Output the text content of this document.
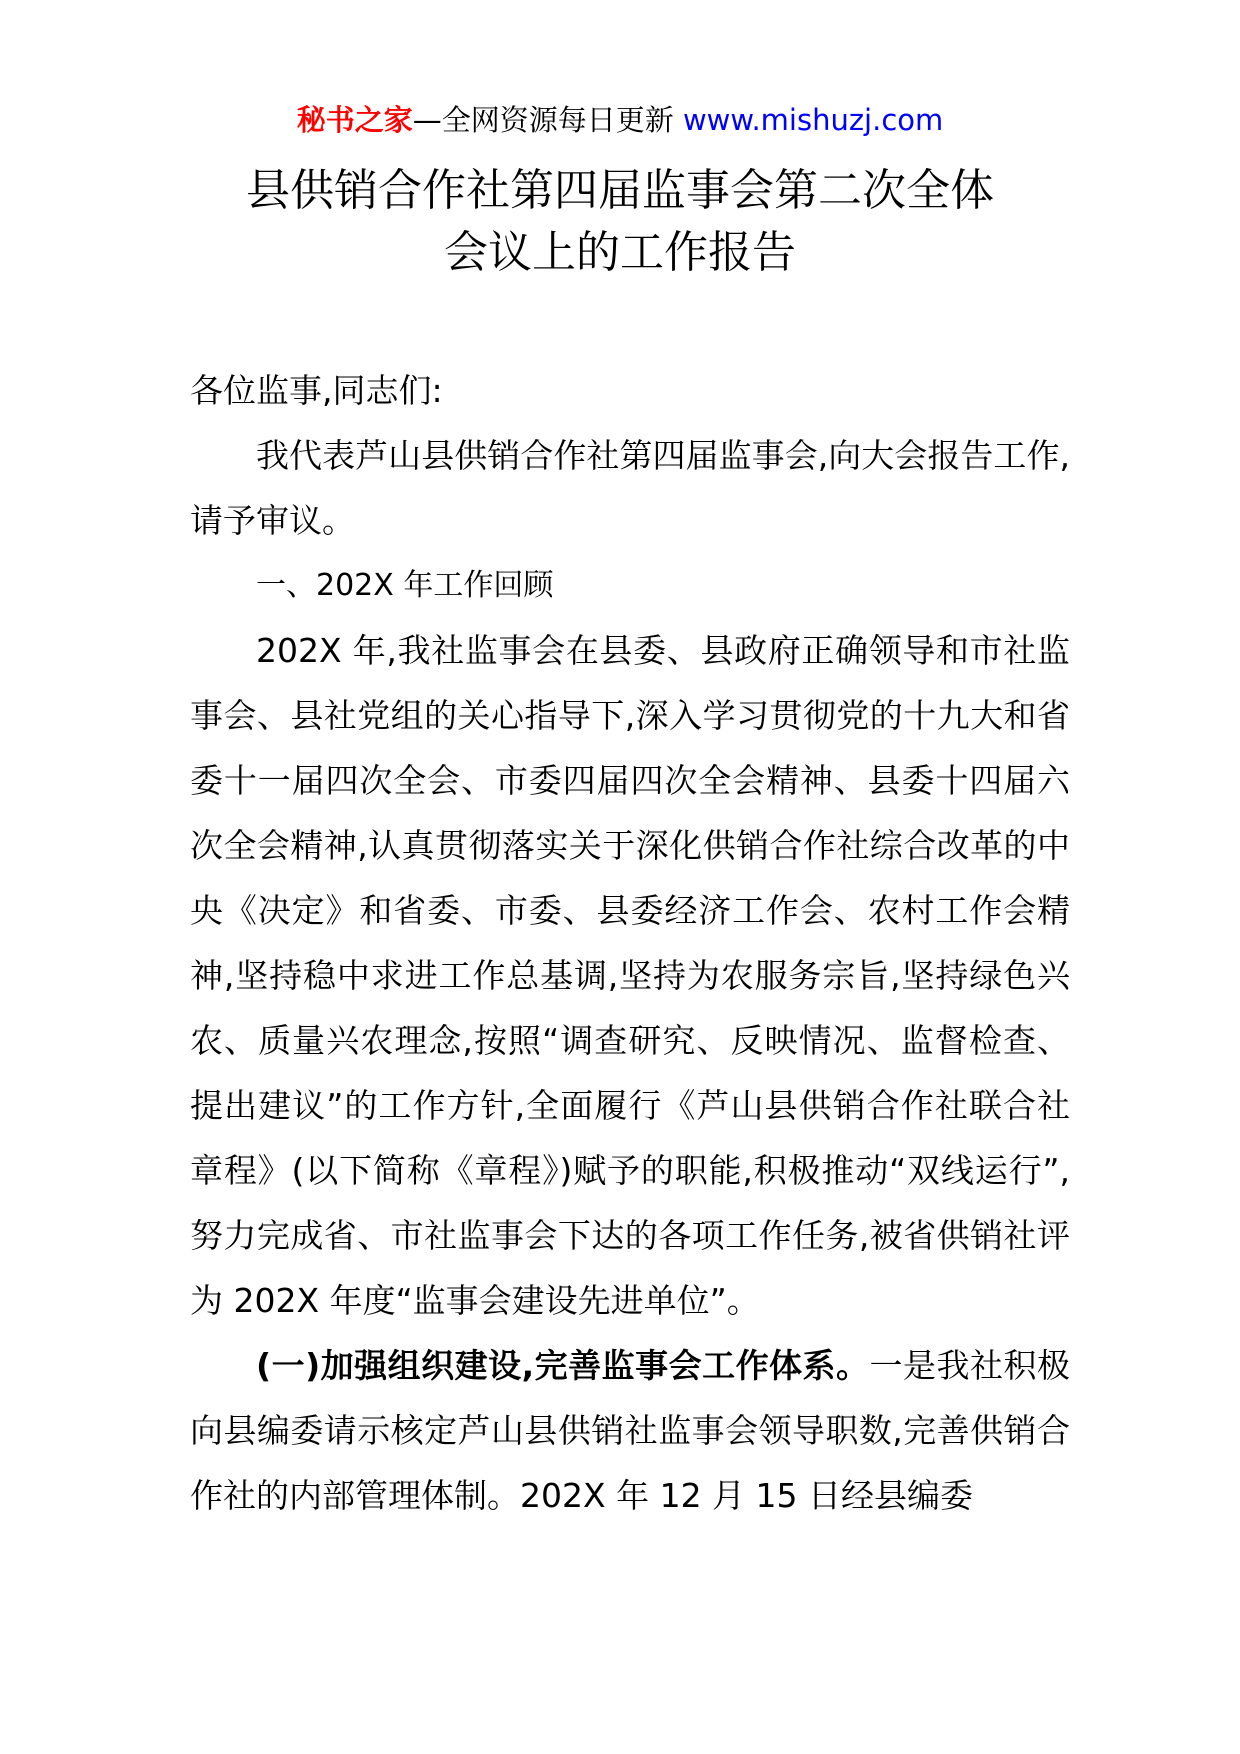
秘书之家—全网资源每日更新 www.mishuzj.com
县供销合作社第四届监事会第二次全体
会议上的工作报告

各位监事,同志们:

我代表芦山县供销合作社第四届监事会,向大会报告工作,请予审议。

一、202X 年工作回顾

202X 年,我社监事会在县委、县政府正确领导和市社监事会、县社党组的关心指导下,深入学习贯彻党的十九大和省委十一届四次全会、市委四届四次全会精神、县委十四届六次全会精神,认真贯彻落实关于深化供销合作社综合改革的中央《决定》和省委、市委、县委经济工作会、农村工作会精神,坚持稳中求进工作总基调,坚持为农服务宗旨,坚持绿色兴农、质量兴农理念,按照“调查研究、反映情况、监督检查、提出建议”的工作方针,全面履行《芦山县供销合作社联合社章程》(以下简称《章程》)赋予的职能,积极推动“双线运行”,努力完成省、市社监事会下达的各项工作任务,被省供销社评为 202X 年度“监事会建设先进单位”。

(一)加强组织建设,完善监事会工作体系。一是我社积极向县编委请示核定芦山县供销社监事会领导职数,完善供销合作社的内部管理体制。202X 年 12 月 15 日经县编委
